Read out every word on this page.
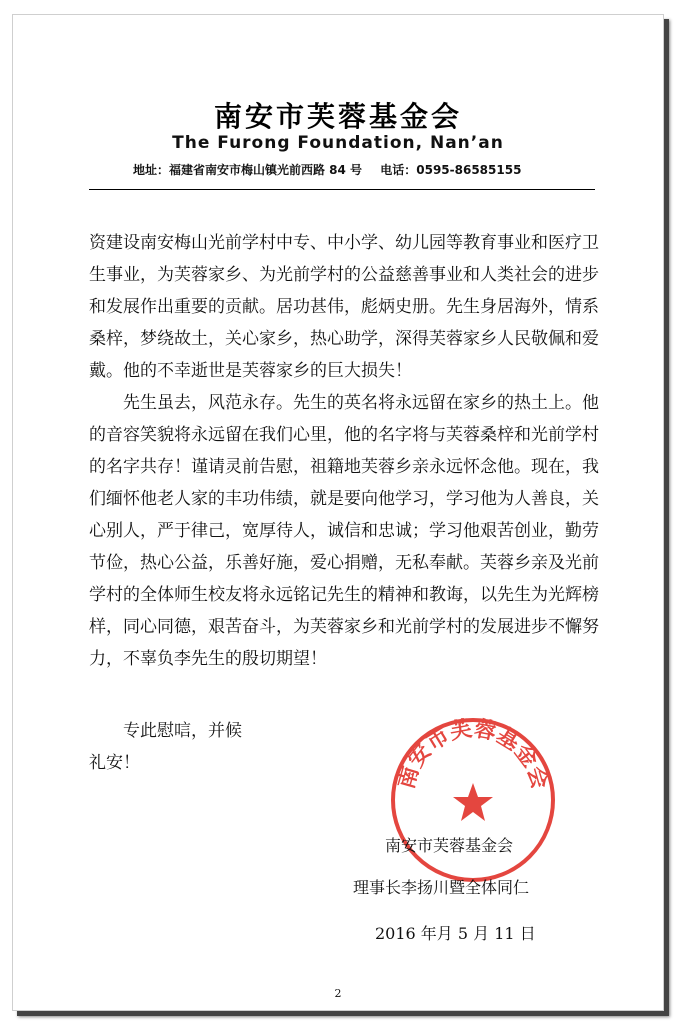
南安市芙蓉基金会
The Furong Foundation, Nan’an
地址：福建省南安市梅山镇光前西路 84 号 电话：0595-86585155

资建设南安梅山光前学村中专、中小学、幼儿园等教育事业和医疗卫生事业，为芙蓉家乡、为光前学村的公益慈善事业和人类社会的进步和发展作出重要的贡献。居功甚伟，彪炳史册。先生身居海外，情系桑梓，梦绕故土，关心家乡，热心助学，深得芙蓉家乡人民敬佩和爱戴。他的不幸逝世是芙蓉家乡的巨大损失！

先生虽去，风范永存。先生的英名将永远留在家乡的热土上。他的音容笑貌将永远留在我们心里，他的名字将与芙蓉桑梓和光前学村的名字共存！谨请灵前告慰，祖籍地芙蓉乡亲永远怀念他。现在，我们缅怀他老人家的丰功伟绩，就是要向他学习，学习他为人善良，关心别人，严于律己，宽厚待人，诚信和忠诚；学习他艰苦创业，勤劳节俭，热心公益，乐善好施，爱心捐赠，无私奉献。芙蓉乡亲及光前学村的全体师生校友将永远铭记先生的精神和教诲，以先生为光辉榜样，同心同德，艰苦奋斗，为芙蓉家乡和光前学村的发展进步不懈努力，不辜负李先生的殷切期望！

专此慰唁，并候
礼安！
南安市芙蓉基金会
南安市芙蓉基金会
理事长李扬川暨全体同仁
2016 年月 5 月 11 日
2
